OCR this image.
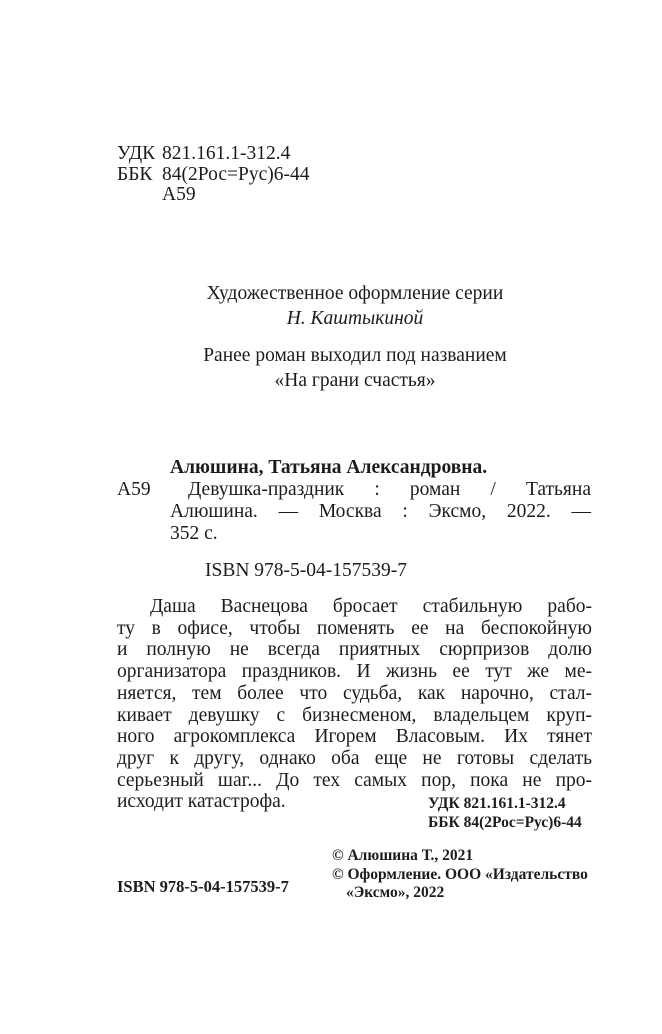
УДК 821.161.1-312.4
ББК 84(2Рос=Рус)6-44
А59
Художественное оформление серии
Н. Каштыкиной
Ранее роман выходил под названием
«На грани счастья»
А59
Алюшина, Татьяна Александровна.
Девушка-праздник : роман / Татьяна
Алюшина. — Москва : Эксмо, 2022. —
352 с.
ISBN 978-5-04-157539-7
Даша Васнецова бросает стабильную рабо-
ту в офисе, чтобы поменять ее на беспокойную
и полную не всегда приятных сюрпризов долю
организатора праздников. И жизнь ее тут же ме-
няется, тем более что судьба, как нарочно, стал-
кивает девушку с бизнесменом, владельцем круп-
ного агрокомплекса Игорем Власовым. Их тянет
друг к другу, однако оба еще не готовы сделать
серьезный шаг... До тех самых пор, пока не про-
исходит катастрофа.	УДК 821.161.1-312.4
ББК 84(2Рос=Рус)6-44
© Алюшина Т., 2021
© Оформление. ООО «Издательство
«Эксмо», 2022
ISBN 978-5-04-157539-7
